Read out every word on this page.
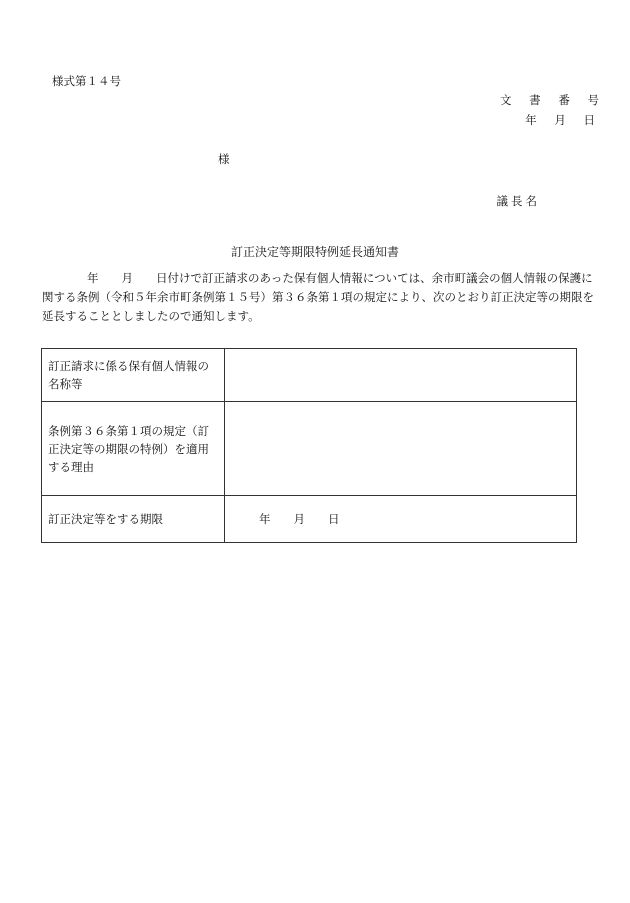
様式第１４号
文 書 番 号
年 月 日
様
議長名
訂正決定等期限特例延長通知書
　　年　　月　　日付けで訂正請求のあった保有個人情報については、余市町議会の個人情報の保護に関する条例（令和５年余市町条例第１５号）第３６条第１項の規定により、次のとおり訂正決定等の期限を延長することとしましたので通知します。
訂正請求に係る保有個人情報の名称等	
条例第３６条第１項の規定（訂正決定等の期限の特例）を適用する理由	
訂正決定等をする期限	年　　月　　日
